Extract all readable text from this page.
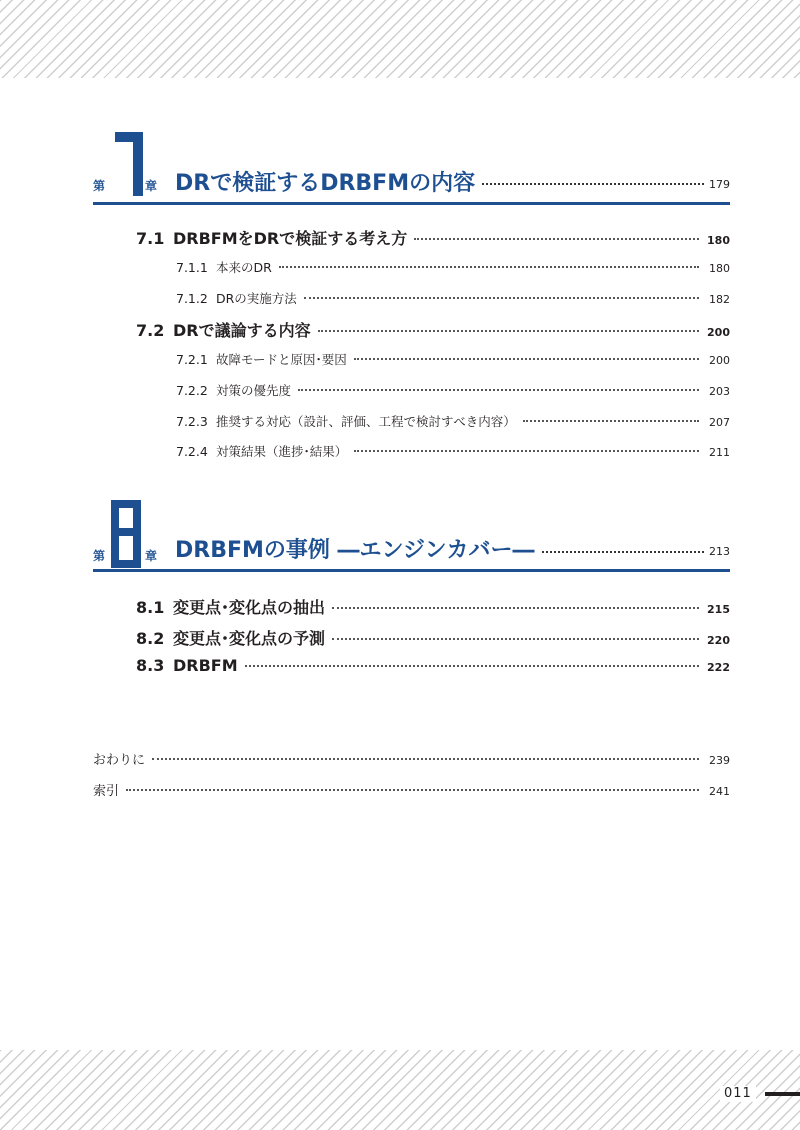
第	章 DRで検証するDRBFMの内容	179
7.1 DRBFMをDRで検証する考え方	180
7.1.1 本来のDR	180
7.1.2 DRの実施方法	182
7.2 DRで議論する内容	200
7.2.1 故障モードと原因･要因	200
7.2.2 対策の優先度	203
7.2.3 推奨する対応（設計、評価、工程で検討すべき内容）	207
7.2.4 対策結果（進捗･結果）	211
第	章 DRBFMの事例 ―エンジンカバー―	213
8.1 変更点･変化点の抽出	215
8.2 変更点･変化点の予測	220
8.3 DRBFM	222
おわりに	239
索引	241
011
